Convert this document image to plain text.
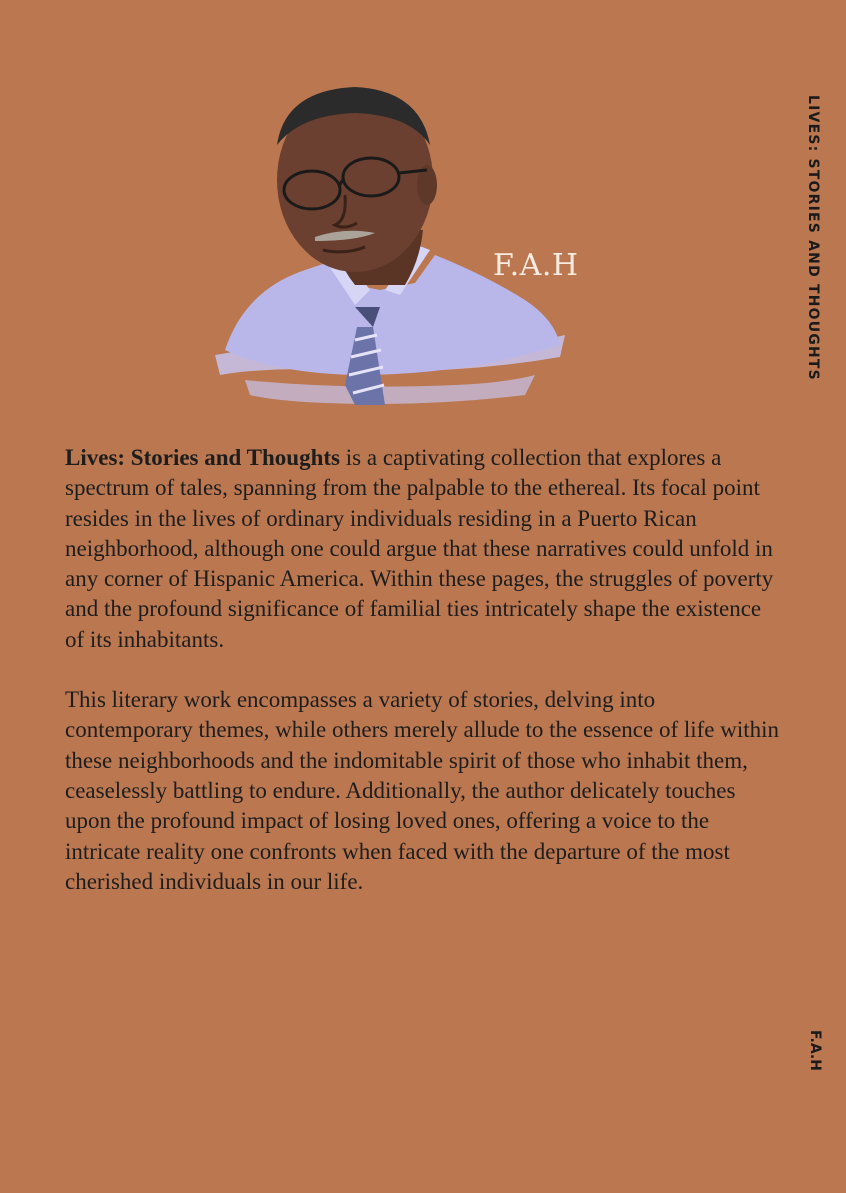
F.A.H	LIVES: STORIES AND THOUGHTS
F.A.H

Lives: Stories and Thoughts is a captivating collection that explores a spectrum of tales, spanning from the palpable to the ethereal. Its focal point resides in the lives of ordinary individuals residing in a Puerto Rican neighborhood, although one could argue that these narratives could unfold in any corner of Hispanic America. Within these pages, the struggles of poverty and the profound significance of familial ties intricately shape the existence of its inhabitants.

This literary work encompasses a variety of stories, delving into contemporary themes, while others merely allude to the essence of life within these neighborhoods and the indomitable spirit of those who inhabit them, ceaselessly battling to endure. Additionally, the author delicately touches upon the profound impact of losing loved ones, offering a voice to the intricate reality one confronts when faced with the departure of the most cherished individuals in our life.
